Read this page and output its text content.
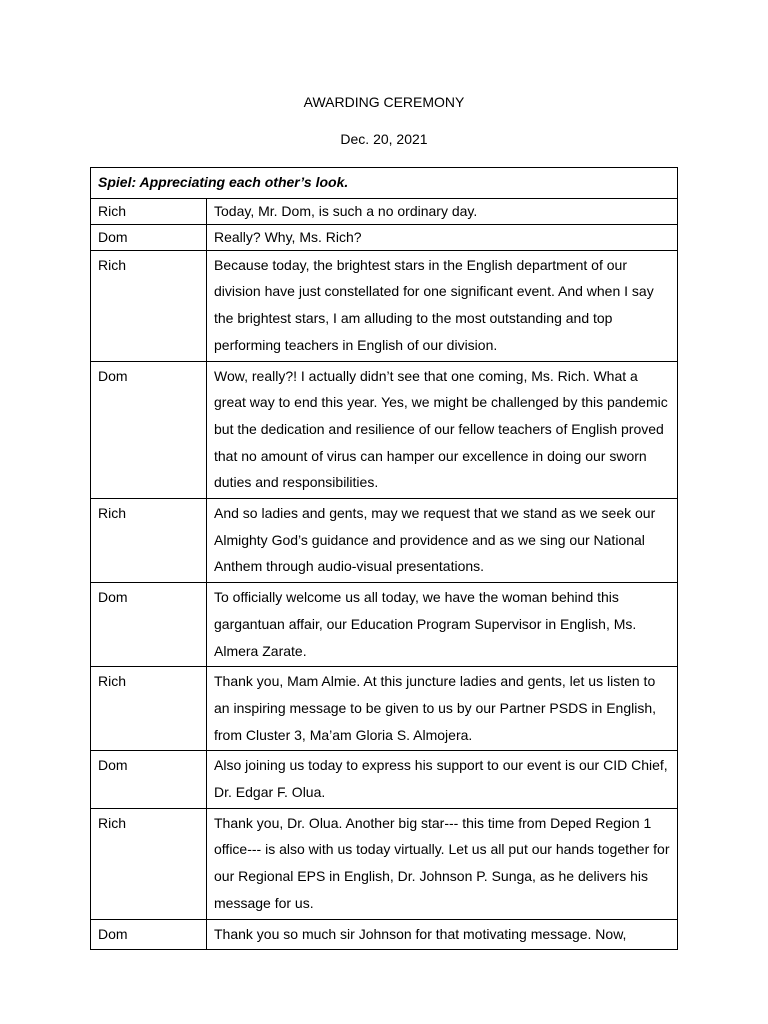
AWARDING CEREMONY
Dec. 20, 2021
Spiel: Appreciating each other’s look.	
Rich	Today, Mr. Dom, is such a no ordinary day.
Dom	Really? Why, Ms. Rich?
Rich	Because today, the brightest stars in the English department of our division have just constellated for one significant event. And when I say the brightest stars, I am alluding to the most outstanding and top performing teachers in English of our division.
Dom	Wow, really?! I actually didn’t see that one coming, Ms. Rich. What a great way to end this year. Yes, we might be challenged by this pandemic but the dedication and resilience of our fellow teachers of English proved that no amount of virus can hamper our excellence in doing our sworn duties and responsibilities.
Rich	And so ladies and gents, may we request that we stand as we seek our Almighty God’s guidance and providence and as we sing our National Anthem through audio-visual presentations.
Dom	To officially welcome us all today, we have the woman behind this gargantuan affair, our Education Program Supervisor in English, Ms. Almera Zarate.
Rich	Thank you, Mam Almie. At this juncture ladies and gents, let us listen to an inspiring message to be given to us by our Partner PSDS in English, from Cluster 3, Ma’am Gloria S. Almojera.
Dom	Also joining us today to express his support to our event is our CID Chief, Dr. Edgar F. Olua.
Rich	Thank you, Dr. Olua. Another big star--- this time from Deped Region 1 office--- is also with us today virtually. Let us all put our hands together for our Regional EPS in English, Dr. Johnson P. Sunga, as he delivers his message for us.
Dom	Thank you so much sir Johnson for that motivating message. Now,
